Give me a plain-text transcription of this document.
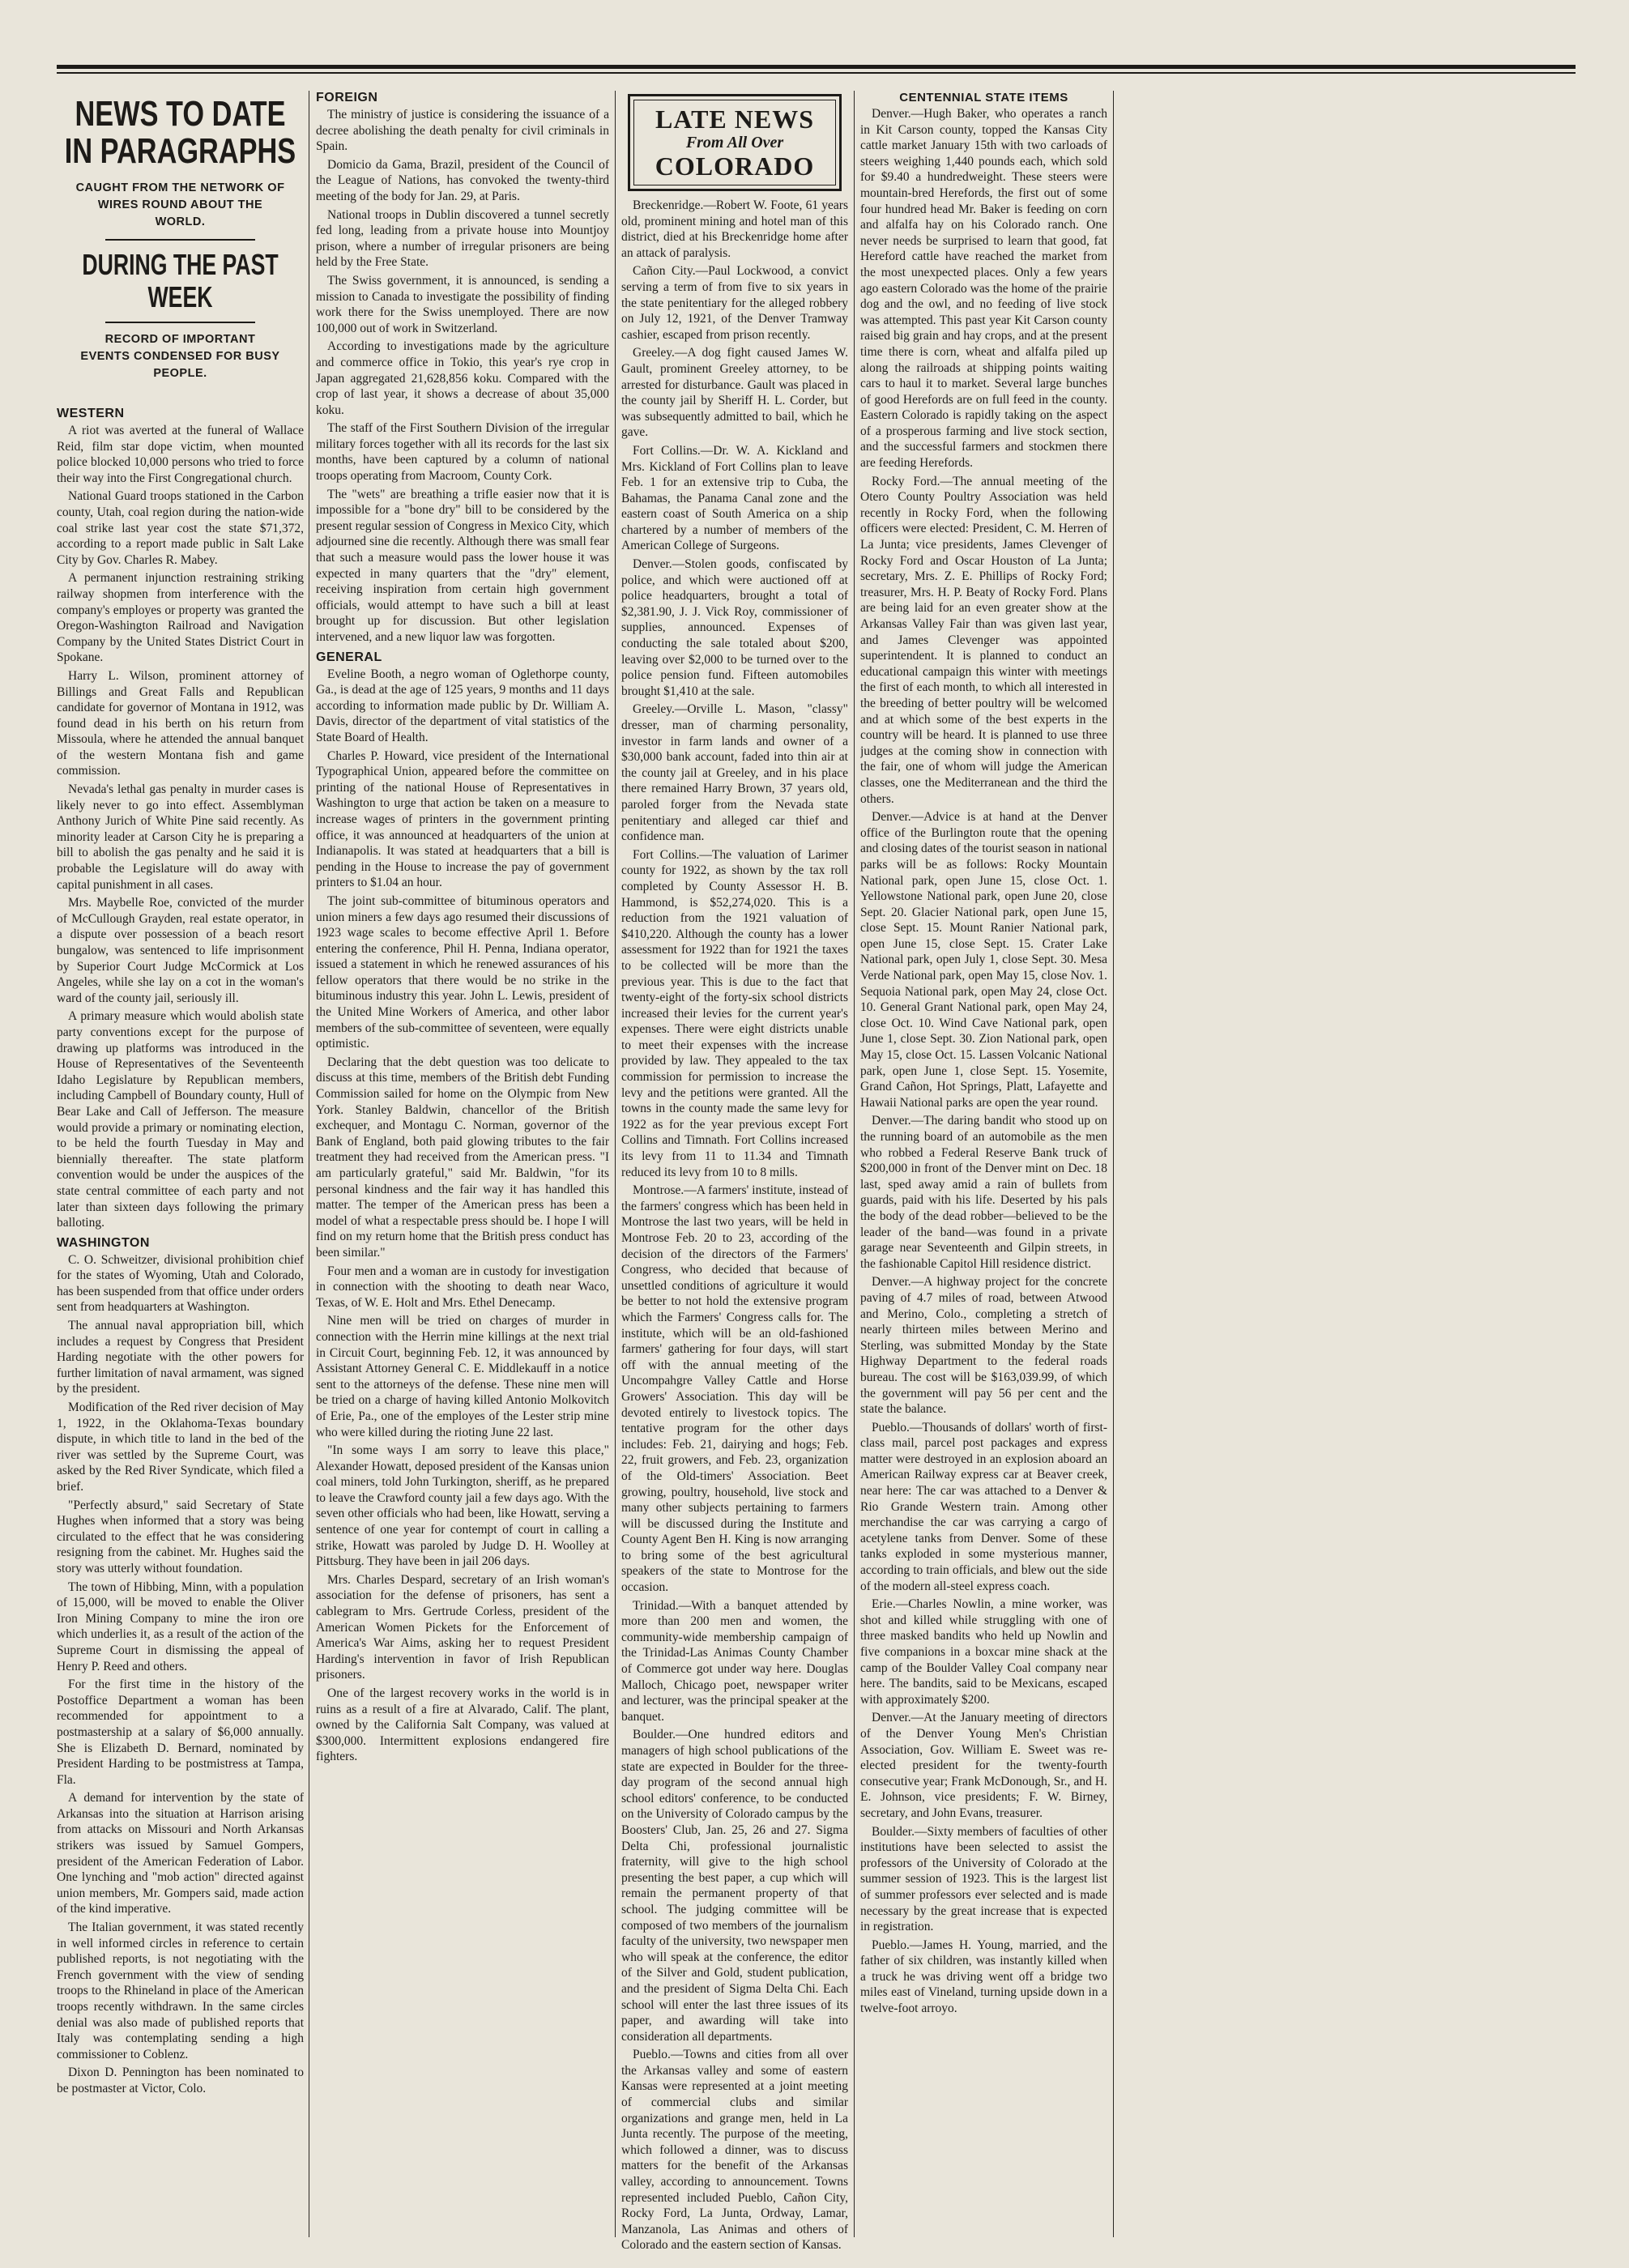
NEWS TO DATE
IN PARAGRAPHS
CAUGHT FROM THE NETWORK OF WIRES ROUND ABOUT THE WORLD.
DURING THE PAST WEEK
RECORD OF IMPORTANT EVENTS CONDENSED FOR BUSY PEOPLE.
WESTERN

A riot was averted at the funeral of Wallace Reid, film star dope victim, when mounted police blocked 10,000 persons who tried to force their way into the First Congregational church.

National Guard troops stationed in the Carbon county, Utah, coal region during the nation-wide coal strike last year cost the state $71,372, according to a report made public in Salt Lake City by Gov. Charles R. Mabey.

A permanent injunction restraining striking railway shopmen from interference with the company's employes or property was granted the Oregon-Washington Railroad and Navigation Company by the United States District Court in Spokane.

Harry L. Wilson, prominent attorney of Billings and Great Falls and Republican candidate for governor of Montana in 1912, was found dead in his berth on his return from Missoula, where he attended the annual banquet of the western Montana fish and game commission.

Nevada's lethal gas penalty in murder cases is likely never to go into effect. Assemblyman Anthony Jurich of White Pine said recently. As minority leader at Carson City he is preparing a bill to abolish the gas penalty and he said it is probable the Legislature will do away with capital punishment in all cases.

Mrs. Maybelle Roe, convicted of the murder of McCullough Grayden, real estate operator, in a dispute over possession of a beach resort bungalow, was sentenced to life imprisonment by Superior Court Judge McCormick at Los Angeles, while she lay on a cot in the woman's ward of the county jail, seriously ill.

A primary measure which would abolish state party conventions except for the purpose of drawing up platforms was introduced in the House of Representatives of the Seventeenth Idaho Legislature by Republican members, including Campbell of Boundary county, Hull of Bear Lake and Call of Jefferson. The measure would provide a primary or nominating election, to be held the fourth Tuesday in May and biennially thereafter. The state platform convention would be under the auspices of the state central committee of each party and not later than sixteen days following the primary balloting.

WASHINGTON

C. O. Schweitzer, divisional prohibition chief for the states of Wyoming, Utah and Colorado, has been suspended from that office under orders sent from headquarters at Washington.

The annual naval appropriation bill, which includes a request by Congress that President Harding negotiate with the other powers for further limitation of naval armament, was signed by the president.

Modification of the Red river decision of May 1, 1922, in the Oklahoma-Texas boundary dispute, in which title to land in the bed of the river was settled by the Supreme Court, was asked by the Red River Syndicate, which filed a brief.

"Perfectly absurd," said Secretary of State Hughes when informed that a story was being circulated to the effect that he was considering resigning from the cabinet. Mr. Hughes said the story was utterly without foundation.

The town of Hibbing, Minn, with a population of 15,000, will be moved to enable the Oliver Iron Mining Company to mine the iron ore which underlies it, as a result of the action of the Supreme Court in dismissing the appeal of Henry P. Reed and others.

For the first time in the history of the Postoffice Department a woman has been recommended for appointment to a postmastership at a salary of $6,000 annually. She is Elizabeth D. Bernard, nominated by President Harding to be postmistress at Tampa, Fla.

A demand for intervention by the state of Arkansas into the situation at Harrison arising from attacks on Missouri and North Arkansas strikers was issued by Samuel Gompers, president of the American Federation of Labor. One lynching and "mob action" directed against union members, Mr. Gompers said, made action of the kind imperative.

The Italian government, it was stated recently in well informed circles in reference to certain published reports, is not negotiating with the French government with the view of sending troops to the Rhineland in place of the American troops recently withdrawn. In the same circles denial was also made of published reports that Italy was contemplating sending a high commissioner to Coblenz.

Dixon D. Pennington has been nominated to be postmaster at Victor, Colo.

FOREIGN

The ministry of justice is considering the issuance of a decree abolishing the death penalty for civil criminals in Spain.

Domicio da Gama, Brazil, president of the Council of the League of Nations, has convoked the twenty-third meeting of the body for Jan. 29, at Paris.

National troops in Dublin discovered a tunnel secretly fed long, leading from a private house into Mountjoy prison, where a number of irregular prisoners are being held by the Free State.

The Swiss government, it is announced, is sending a mission to Canada to investigate the possibility of finding work there for the Swiss unemployed. There are now 100,000 out of work in Switzerland.

According to investigations made by the agriculture and commerce office in Tokio, this year's rye crop in Japan aggregated 21,628,856 koku. Compared with the crop of last year, it shows a decrease of about 35,000 koku.

The staff of the First Southern Division of the irregular military forces together with all its records for the last six months, have been captured by a column of national troops operating from Macroom, County Cork.

The "wets" are breathing a trifle easier now that it is impossible for a "bone dry" bill to be considered by the present regular session of Congress in Mexico City, which adjourned sine die recently. Although there was small fear that such a measure would pass the lower house it was expected in many quarters that the "dry" element, receiving inspiration from certain high government officials, would attempt to have such a bill at least brought up for discussion. But other legislation intervened, and a new liquor law was forgotten.

GENERAL

Eveline Booth, a negro woman of Oglethorpe county, Ga., is dead at the age of 125 years, 9 months and 11 days according to information made public by Dr. William A. Davis, director of the department of vital statistics of the State Board of Health.

Charles P. Howard, vice president of the International Typographical Union, appeared before the committee on printing of the national House of Representatives in Washington to urge that action be taken on a measure to increase wages of printers in the government printing office, it was announced at headquarters of the union at Indianapolis. It was stated at headquarters that a bill is pending in the House to increase the pay of government printers to $1.04 an hour.

The joint sub-committee of bituminous operators and union miners a few days ago resumed their discussions of 1923 wage scales to become effective April 1. Before entering the conference, Phil H. Penna, Indiana operator, issued a statement in which he renewed assurances of his fellow operators that there would be no strike in the bituminous industry this year. John L. Lewis, president of the United Mine Workers of America, and other labor members of the sub-committee of seventeen, were equally optimistic.

Declaring that the debt question was too delicate to discuss at this time, members of the British debt Funding Commission sailed for home on the Olympic from New York. Stanley Baldwin, chancellor of the British exchequer, and Montagu C. Norman, governor of the Bank of England, both paid glowing tributes to the fair treatment they had received from the American press. "I am particularly grateful," said Mr. Baldwin, "for its personal kindness and the fair way it has handled this matter. The temper of the American press has been a model of what a respectable press should be. I hope I will find on my return home that the British press conduct has been similar."

Four men and a woman are in custody for investigation in connection with the shooting to death near Waco, Texas, of W. E. Holt and Mrs. Ethel Denecamp.

Nine men will be tried on charges of murder in connection with the Herrin mine killings at the next trial in Circuit Court, beginning Feb. 12, it was announced by Assistant Attorney General C. E. Middlekauff in a notice sent to the attorneys of the defense. These nine men will be tried on a charge of having killed Antonio Molkovitch of Erie, Pa., one of the employes of the Lester strip mine who were killed during the rioting June 22 last.

"In some ways I am sorry to leave this place," Alexander Howatt, deposed president of the Kansas union coal miners, told John Turkington, sheriff, as he prepared to leave the Crawford county jail a few days ago. With the seven other officials who had been, like Howatt, serving a sentence of one year for contempt of court in calling a strike, Howatt was paroled by Judge D. H. Woolley at Pittsburg. They have been in jail 206 days.

Mrs. Charles Despard, secretary of an Irish woman's association for the defense of prisoners, has sent a cablegram to Mrs. Gertrude Corless, president of the American Women Pickets for the Enforcement of America's War Aims, asking her to request President Harding's intervention in favor of Irish Republican prisoners.

One of the largest recovery works in the world is in ruins as a result of a fire at Alvarado, Calif. The plant, owned by the California Salt Company, was valued at $300,000. Intermittent explosions endangered fire fighters.

LATE NEWS
From All Over
COLORADO

Breckenridge.—Robert W. Foote, 61 years old, prominent mining and hotel man of this district, died at his Breckenridge home after an attack of paralysis.

Cañon City.—Paul Lockwood, a convict serving a term of from five to six years in the state penitentiary for the alleged robbery on July 12, 1921, of the Denver Tramway cashier, escaped from prison recently.

Greeley.—A dog fight caused James W. Gault, prominent Greeley attorney, to be arrested for disturbance. Gault was placed in the county jail by Sheriff H. L. Corder, but was subsequently admitted to bail, which he gave.

Fort Collins.—Dr. W. A. Kickland and Mrs. Kickland of Fort Collins plan to leave Feb. 1 for an extensive trip to Cuba, the Bahamas, the Panama Canal zone and the eastern coast of South America on a ship chartered by a number of members of the American College of Surgeons.

Denver.—Stolen goods, confiscated by police, and which were auctioned off at police headquarters, brought a total of $2,381.90, J. J. Vick Roy, commissioner of supplies, announced. Expenses of conducting the sale totaled about $200, leaving over $2,000 to be turned over to the police pension fund. Fifteen automobiles brought $1,410 at the sale.

Greeley.—Orville L. Mason, "classy" dresser, man of charming personality, investor in farm lands and owner of a $30,000 bank account, faded into thin air at the county jail at Greeley, and in his place there remained Harry Brown, 37 years old, paroled forger from the Nevada state penitentiary and alleged car thief and confidence man.

Fort Collins.—The valuation of Larimer county for 1922, as shown by the tax roll completed by County Assessor H. B. Hammond, is $52,274,020. This is a reduction from the 1921 valuation of $410,220. Although the county has a lower assessment for 1922 than for 1921 the taxes to be collected will be more than the previous year. This is due to the fact that twenty-eight of the forty-six school districts increased their levies for the current year's expenses. There were eight districts unable to meet their expenses with the increase provided by law. They appealed to the tax commission for permission to increase the levy and the petitions were granted. All the towns in the county made the same levy for 1922 as for the year previous except Fort Collins and Timnath. Fort Collins increased its levy from 11 to 11.34 and Timnath reduced its levy from 10 to 8 mills.

Montrose.—A farmers' institute, instead of the farmers' congress which has been held in Montrose the last two years, will be held in Montrose Feb. 20 to 23, according of the decision of the directors of the Farmers' Congress, who decided that because of unsettled conditions of agriculture it would be better to not hold the extensive program which the Farmers' Congress calls for. The institute, which will be an old-fashioned farmers' gathering for four days, will start off with the annual meeting of the Uncompahgre Valley Cattle and Horse Growers' Association. This day will be devoted entirely to livestock topics. The tentative program for the other days includes: Feb. 21, dairying and hogs; Feb. 22, fruit growers, and Feb. 23, organization of the Old-timers' Association. Beet growing, poultry, household, live stock and many other subjects pertaining to farmers will be discussed during the Institute and County Agent Ben H. King is now arranging to bring some of the best agricultural speakers of the state to Montrose for the occasion.

Trinidad.—With a banquet attended by more than 200 men and women, the community-wide membership campaign of the Trinidad-Las Animas County Chamber of Commerce got under way here. Douglas Malloch, Chicago poet, newspaper writer and lecturer, was the principal speaker at the banquet.

Boulder.—One hundred editors and managers of high school publications of the state are expected in Boulder for the three-day program of the second annual high school editors' conference, to be conducted on the University of Colorado campus by the Boosters' Club, Jan. 25, 26 and 27. Sigma Delta Chi, professional journalistic fraternity, will give to the high school presenting the best paper, a cup which will remain the permanent property of that school. The judging committee will be composed of two members of the journalism faculty of the university, two newspaper men who will speak at the conference, the editor of the Silver and Gold, student publication, and the president of Sigma Delta Chi. Each school will enter the last three issues of its paper, and awarding will take into consideration all departments.

Pueblo.—Towns and cities from all over the Arkansas valley and some of eastern Kansas were represented at a joint meeting of commercial clubs and similar organizations and grange men, held in La Junta recently. The purpose of the meeting, which followed a dinner, was to discuss matters for the benefit of the Arkansas valley, according to announcement. Towns represented included Pueblo, Cañon City, Rocky Ford, La Junta, Ordway, Lamar, Manzanola, Las Animas and others of Colorado and the eastern section of Kansas.

CENTENNIAL STATE ITEMS

Denver.—Hugh Baker, who operates a ranch in Kit Carson county, topped the Kansas City cattle market January 15th with two carloads of steers weighing 1,440 pounds each, which sold for $9.40 a hundredweight. These steers were mountain-bred Herefords, the first out of some four hundred head Mr. Baker is feeding on corn and alfalfa hay on his Colorado ranch. One never needs be surprised to learn that good, fat Hereford cattle have reached the market from the most unexpected places. Only a few years ago eastern Colorado was the home of the prairie dog and the owl, and no feeding of live stock was attempted. This past year Kit Carson county raised big grain and hay crops, and at the present time there is corn, wheat and alfalfa piled up along the railroads at shipping points waiting cars to haul it to market. Several large bunches of good Herefords are on full feed in the county. Eastern Colorado is rapidly taking on the aspect of a prosperous farming and live stock section, and the successful farmers and stockmen there are feeding Herefords.

Rocky Ford.—The annual meeting of the Otero County Poultry Association was held recently in Rocky Ford, when the following officers were elected: President, C. M. Herren of La Junta; vice presidents, James Clevenger of Rocky Ford and Oscar Houston of La Junta; secretary, Mrs. Z. E. Phillips of Rocky Ford; treasurer, Mrs. H. P. Beaty of Rocky Ford. Plans are being laid for an even greater show at the Arkansas Valley Fair than was given last year, and James Clevenger was appointed superintendent. It is planned to conduct an educational campaign this winter with meetings the first of each month, to which all interested in the breeding of better poultry will be welcomed and at which some of the best experts in the country will be heard. It is planned to use three judges at the coming show in connection with the fair, one of whom will judge the American classes, one the Mediterranean and the third the others.

Denver.—Advice is at hand at the Denver office of the Burlington route that the opening and closing dates of the tourist season in national parks will be as follows: Rocky Mountain National park, open June 15, close Oct. 1. Yellowstone National park, open June 20, close Sept. 20. Glacier National park, open June 15, close Sept. 15. Mount Ranier National park, open June 15, close Sept. 15. Crater Lake National park, open July 1, close Sept. 30. Mesa Verde National park, open May 15, close Nov. 1. Sequoia National park, open May 24, close Oct. 10. General Grant National park, open May 24, close Oct. 10. Wind Cave National park, open June 1, close Sept. 30. Zion National park, open May 15, close Oct. 15. Lassen Volcanic National park, open June 1, close Sept. 15. Yosemite, Grand Cañon, Hot Springs, Platt, Lafayette and Hawaii National parks are open the year round.

Denver.—The daring bandit who stood up on the running board of an automobile as the men who robbed a Federal Reserve Bank truck of $200,000 in front of the Denver mint on Dec. 18 last, sped away amid a rain of bullets from guards, paid with his life. Deserted by his pals the body of the dead robber—believed to be the leader of the band—was found in a private garage near Seventeenth and Gilpin streets, in the fashionable Capitol Hill residence district.

Denver.—A highway project for the concrete paving of 4.7 miles of road, between Atwood and Merino, Colo., completing a stretch of nearly thirteen miles between Merino and Sterling, was submitted Monday by the State Highway Department to the federal roads bureau. The cost will be $163,039.99, of which the government will pay 56 per cent and the state the balance.

Pueblo.—Thousands of dollars' worth of first-class mail, parcel post packages and express matter were destroyed in an explosion aboard an American Railway express car at Beaver creek, near here: The car was attached to a Denver & Rio Grande Western train. Among other merchandise the car was carrying a cargo of acetylene tanks from Denver. Some of these tanks exploded in some mysterious manner, according to train officials, and blew out the side of the modern all-steel express coach.

Erie.—Charles Nowlin, a mine worker, was shot and killed while struggling with one of three masked bandits who held up Nowlin and five companions in a boxcar mine shack at the camp of the Boulder Valley Coal company near here. The bandits, said to be Mexicans, escaped with approximately $200.

Denver.—At the January meeting of directors of the Denver Young Men's Christian Association, Gov. William E. Sweet was re-elected president for the twenty-fourth consecutive year; Frank McDonough, Sr., and H. E. Johnson, vice presidents; F. W. Birney, secretary, and John Evans, treasurer.

Boulder.—Sixty members of faculties of other institutions have been selected to assist the professors of the University of Colorado at the summer session of 1923. This is the largest list of summer professors ever selected and is made necessary by the great increase that is expected in registration.

Pueblo.—James H. Young, married, and the father of six children, was instantly killed when a truck he was driving went off a bridge two miles east of Vineland, turning upside down in a twelve-foot arroyo.
